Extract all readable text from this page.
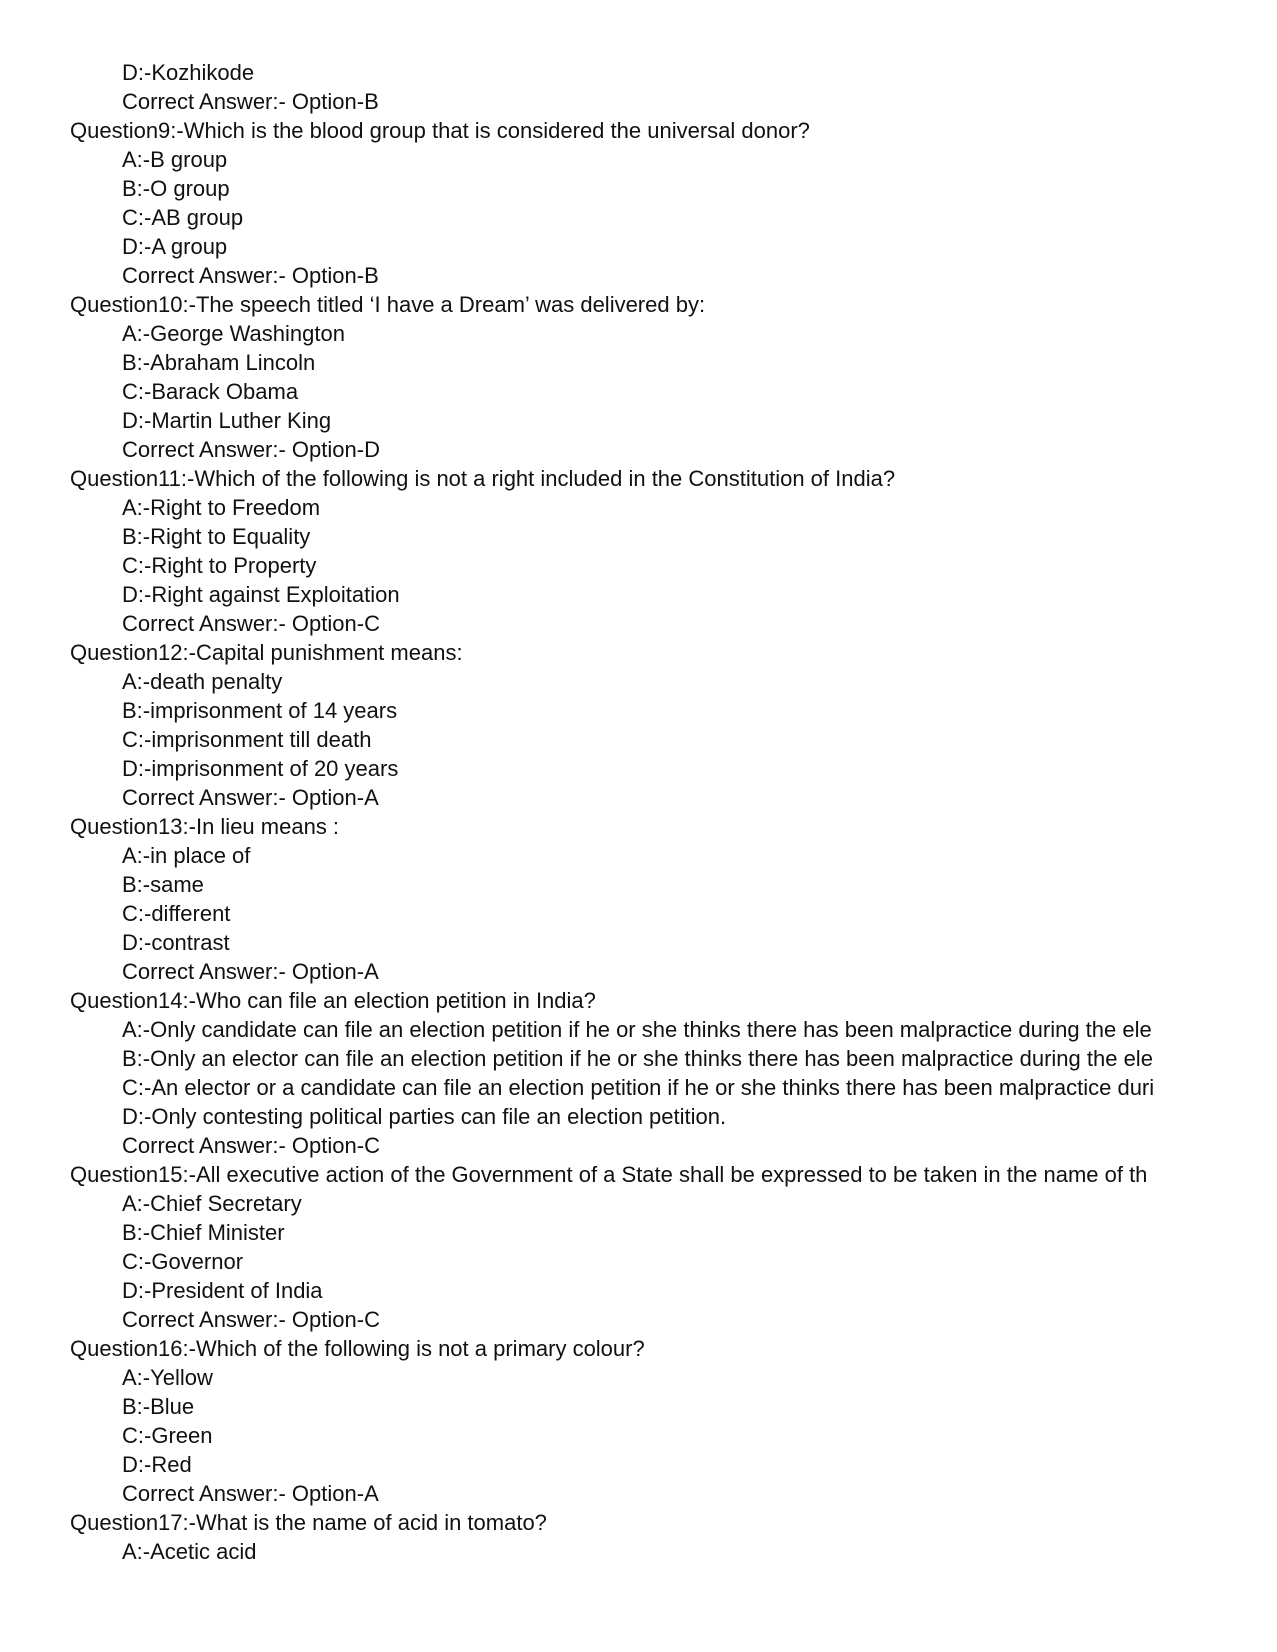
D:-Kozhikode
Correct Answer:- Option-B
Question9:-Which is the blood group that is considered the universal donor?
A:-B group
B:-O group
C:-AB group
D:-A group
Correct Answer:- Option-B
Question10:-The speech titled ‘I have a Dream’ was delivered by:
A:-George Washington
B:-Abraham Lincoln
C:-Barack Obama
D:-Martin Luther King
Correct Answer:- Option-D
Question11:-Which of the following is not a right included in the Constitution of India?
A:-Right to Freedom
B:-Right to Equality
C:-Right to Property
D:-Right against Exploitation
Correct Answer:- Option-C
Question12:-Capital punishment means:
A:-death penalty
B:-imprisonment of 14 years
C:-imprisonment till death
D:-imprisonment of 20 years
Correct Answer:- Option-A
Question13:-In lieu means :
A:-in place of
B:-same
C:-different
D:-contrast
Correct Answer:- Option-A
Question14:-Who can file an election petition in India?
A:-Only candidate can file an election petition if he or she thinks there has been malpractice during the ele
B:-Only an elector can file an election petition if he or she thinks there has been malpractice during the ele
C:-An elector or a candidate can file an election petition if he or she thinks there has been malpractice duri
D:-Only contesting political parties can file an election petition.
Correct Answer:- Option-C
Question15:-All executive action of the Government of a State shall be expressed to be taken in the name of th
A:-Chief Secretary
B:-Chief Minister
C:-Governor
D:-President of India
Correct Answer:- Option-C
Question16:-Which of the following is not a primary colour?
A:-Yellow
B:-Blue
C:-Green
D:-Red
Correct Answer:- Option-A
Question17:-What is the name of acid in tomato?
A:-Acetic acid
